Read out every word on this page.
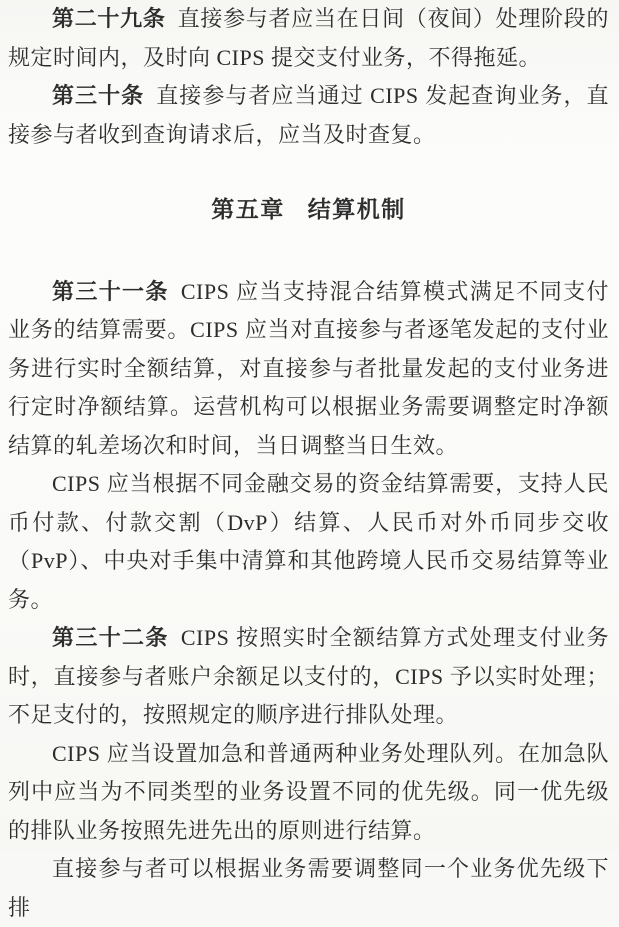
第二十九条 直接参与者应当在日间（夜间）处理阶段的规定时间内，及时向 CIPS 提交支付业务，不得拖延。

第三十条 直接参与者应当通过 CIPS 发起查询业务，直接参与者收到查询请求后，应当及时查复。

第五章 结算机制

第三十一条 CIPS 应当支持混合结算模式满足不同支付业务的结算需要。CIPS 应当对直接参与者逐笔发起的支付业务进行实时全额结算，对直接参与者批量发起的支付业务进行定时净额结算。运营机构可以根据业务需要调整定时净额结算的轧差场次和时间，当日调整当日生效。

CIPS 应当根据不同金融交易的资金结算需要，支持人民币付款、付款交割（DvP）结算、人民币对外币同步交收（PvP）、中央对手集中清算和其他跨境人民币交易结算等业务。

第三十二条 CIPS 按照实时全额结算方式处理支付业务时，直接参与者账户余额足以支付的，CIPS 予以实时处理；不足支付的，按照规定的顺序进行排队处理。

CIPS 应当设置加急和普通两种业务处理队列。在加急队列中应当为不同类型的业务设置不同的优先级。同一优先级的排队业务按照先进先出的原则进行结算。

直接参与者可以根据业务需要调整同一个业务优先级下排
